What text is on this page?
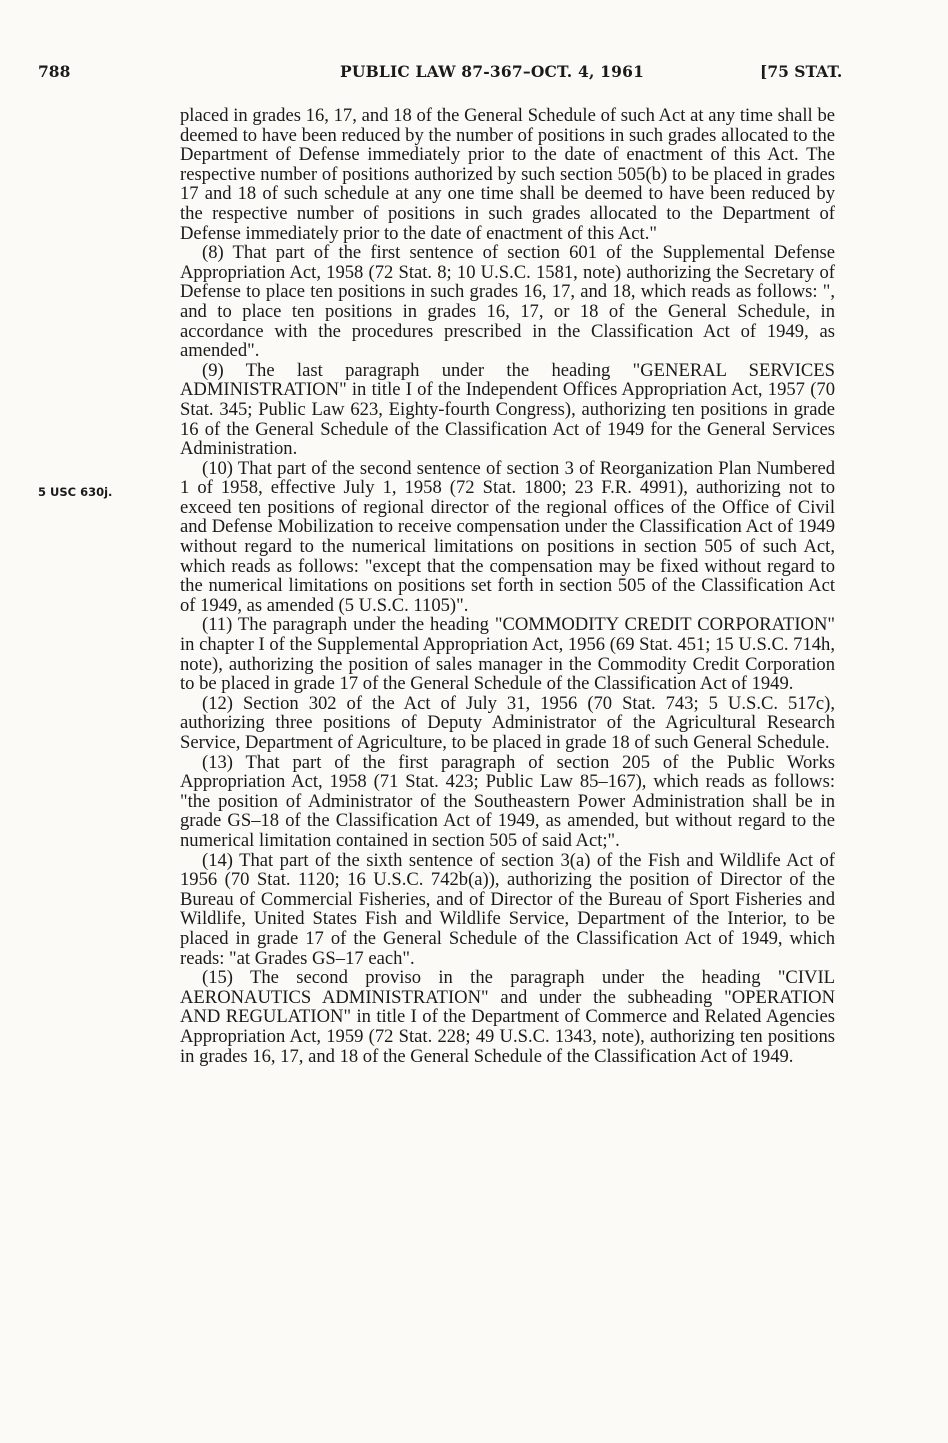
788	PUBLIC LAW 87-367–OCT. 4, 1961	[75 STAT.
5 USC 630j.

placed in grades 16, 17, and 18 of the General Schedule of such Act at any time shall be deemed to have been reduced by the number of positions in such grades allocated to the Department of Defense immediately prior to the date of enactment of this Act. The respective number of positions authorized by such section 505(b) to be placed in grades 17 and 18 of such schedule at any one time shall be deemed to have been reduced by the respective number of positions in such grades allocated to the Department of Defense immediately prior to the date of enactment of this Act."

(8) That part of the first sentence of section 601 of the Supplemental Defense Appropriation Act, 1958 (72 Stat. 8; 10 U.S.C. 1581, note) authorizing the Secretary of Defense to place ten positions in such grades 16, 17, and 18, which reads as follows: ", and to place ten positions in grades 16, 17, or 18 of the General Schedule, in accordance with the procedures prescribed in the Classification Act of 1949, as amended".

(9) The last paragraph under the heading "GENERAL SERVICES ADMINISTRATION" in title I of the Independent Offices Appropriation Act, 1957 (70 Stat. 345; Public Law 623, Eighty-fourth Congress), authorizing ten positions in grade 16 of the General Schedule of the Classification Act of 1949 for the General Services Administration.

(10) That part of the second sentence of section 3 of Reorganization Plan Numbered 1 of 1958, effective July 1, 1958 (72 Stat. 1800; 23 F.R. 4991), authorizing not to exceed ten positions of regional director of the regional offices of the Office of Civil and Defense Mobilization to receive compensation under the Classification Act of 1949 without regard to the numerical limitations on positions in section 505 of such Act, which reads as follows: "except that the compensation may be fixed without regard to the numerical limitations on positions set forth in section 505 of the Classification Act of 1949, as amended (5 U.S.C. 1105)".

(11) The paragraph under the heading "COMMODITY CREDIT CORPORATION" in chapter I of the Supplemental Appropriation Act, 1956 (69 Stat. 451; 15 U.S.C. 714h, note), authorizing the position of sales manager in the Commodity Credit Corporation to be placed in grade 17 of the General Schedule of the Classification Act of 1949.

(12) Section 302 of the Act of July 31, 1956 (70 Stat. 743; 5 U.S.C. 517c), authorizing three positions of Deputy Administrator of the Agricultural Research Service, Department of Agriculture, to be placed in grade 18 of such General Schedule.

(13) That part of the first paragraph of section 205 of the Public Works Appropriation Act, 1958 (71 Stat. 423; Public Law 85–167), which reads as follows: "the position of Administrator of the Southeastern Power Administration shall be in grade GS–18 of the Classification Act of 1949, as amended, but without regard to the numerical limitation contained in section 505 of said Act;".

(14) That part of the sixth sentence of section 3(a) of the Fish and Wildlife Act of 1956 (70 Stat. 1120; 16 U.S.C. 742b(a)), authorizing the position of Director of the Bureau of Commercial Fisheries, and of Director of the Bureau of Sport Fisheries and Wildlife, United States Fish and Wildlife Service, Department of the Interior, to be placed in grade 17 of the General Schedule of the Classification Act of 1949, which reads: "at Grades GS–17 each".

(15) The second proviso in the paragraph under the heading "CIVIL AERONAUTICS ADMINISTRATION" and under the subheading "OPERATION AND REGULATION" in title I of the Department of Commerce and Related Agencies Appropriation Act, 1959 (72 Stat. 228; 49 U.S.C. 1343, note), authorizing ten positions in grades 16, 17, and 18 of the General Schedule of the Classification Act of 1949.
